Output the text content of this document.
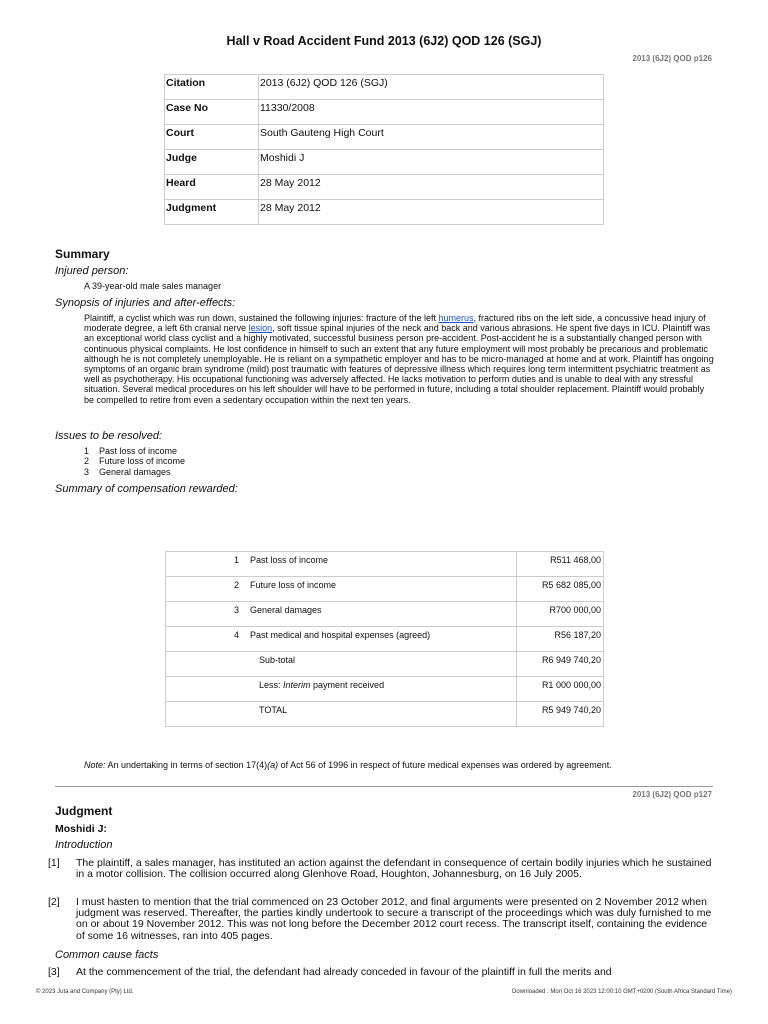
Hall v Road Accident Fund 2013 (6J2) QOD 126 (SGJ)
2013 (6J2) QOD p126
Citation	2013 (6J2) QOD 126 (SGJ)
Case No	11330/2008
Court	South Gauteng High Court
Judge	Moshidi J
Heard	28 May 2012
Judgment	28 May 2012
Summary
Injured person:
A 39-year-old male sales manager
Synopsis of injuries and after-effects:
Plaintiff, a cyclist which was run down, sustained the following injuries: fracture of the left humerus, fractured ribs on the left side, a concussive head injury of moderate degree, a left 6th cranial nerve lesion, soft tissue spinal injuries of the neck and back and various abrasions. He spent five days in ICU. Plaintiff was an exceptional world class cyclist and a highly motivated, successful business person pre-accident. Post-accident he is a substantially changed person with continuous physical complaints. He lost confidence in himself to such an extent that any future employment will most probably be precarious and problematic although he is not completely unemployable. He is reliant on a sympathetic employer and has to be micro-managed at home and at work. Plaintiff has ongoing symptoms of an organic brain syndrome (mild) post traumatic with features of depressive illness which requires long term intermittent psychiatric treatment as well as psychotherapy. His occupational functioning was adversely affected. He lacks motivation to perform duties and is unable to deal with any stressful situation. Several medical procedures on his left shoulder will have to be performed in future, including a total shoulder replacement. Plaintiff would probably be compelled to retire from even a sedentary occupation within the next ten years.
Issues to be resolved:
1 Past loss of income
2 Future loss of income
3 General damages
Summary of compensation rewarded:
1 Past loss of income	R511 468,00
2 Future loss of income	R5 682 085,00
3 General damages	R700 000,00
4 Past medical and hospital expenses (agreed)	R56 187,20
Sub-total	R6 949 740,20
Less: Interim payment received	R1 000 000,00
TOTAL	R5 949 740,20
Note: An undertaking in terms of section 17(4)(a) of Act 56 of 1996 in respect of future medical expenses was ordered by agreement.
2013 (6J2) QOD p127
Judgment
Moshidi J:
Introduction
[1] The plaintiff, a sales manager, has instituted an action against the defendant in consequence of certain bodily injuries which he sustained in a motor collision. The collision occurred along Glenhove Road, Houghton, Johannesburg, on 16 July 2005.
[2] I must hasten to mention that the trial commenced on 23 October 2012, and final arguments were presented on 2 November 2012 when judgment was reserved. Thereafter, the parties kindly undertook to secure a transcript of the proceedings which was duly furnished to me on or about 19 November 2012. This was not long before the December 2012 court recess. The transcript itself, containing the evidence of some 16 witnesses, ran into 405 pages.
Common cause facts
[3] At the commencement of the trial, the defendant had already conceded in favour of the plaintiff in full the merits and
© 2023 Juta and Company (Pty) Ltd.	Downloaded : Mon Oct 16 2023 12:00:10 GMT+0200 (South Africa Standard Time)
